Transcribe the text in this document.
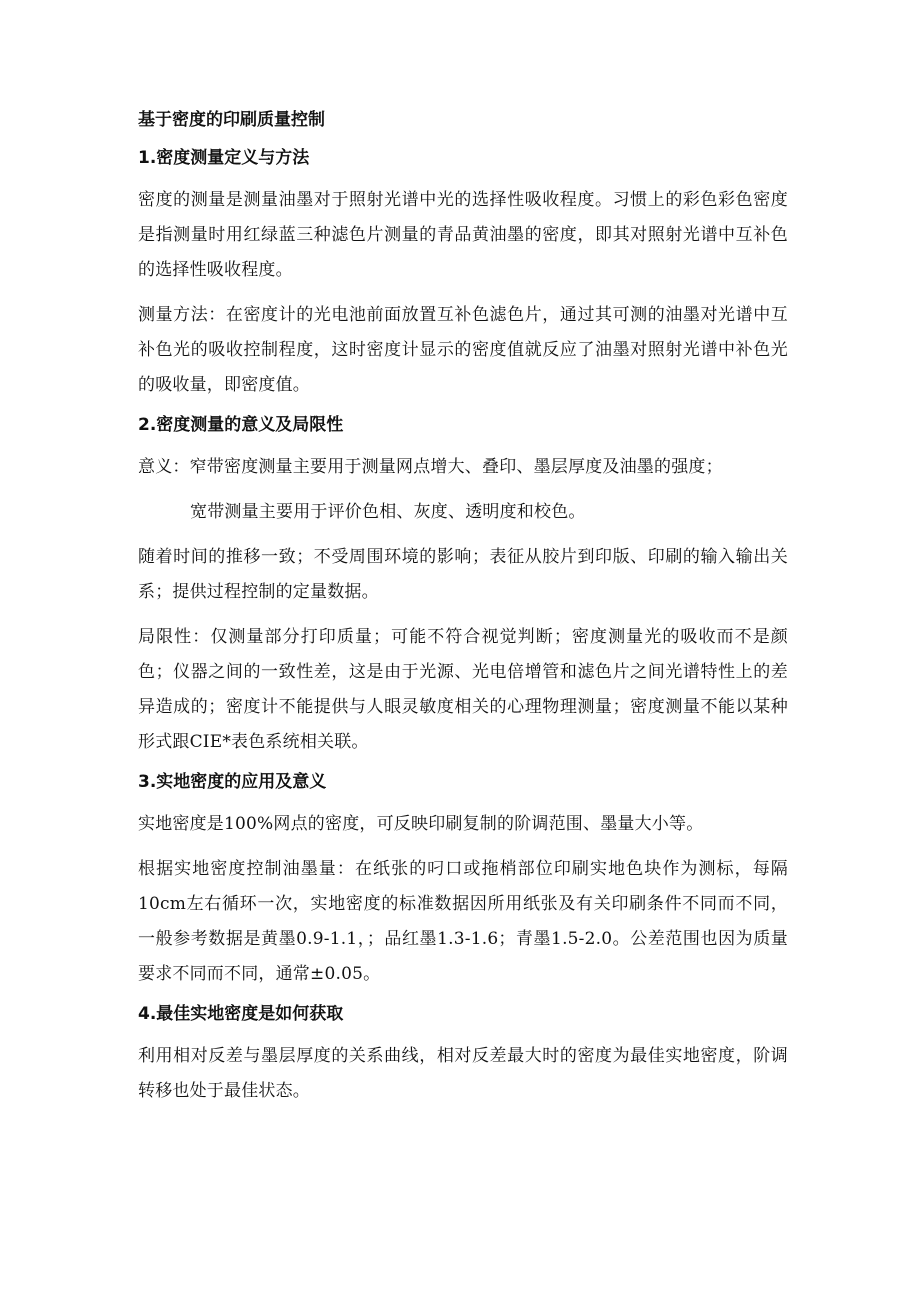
基于密度的印刷质量控制
1.密度测量定义与方法

密度的测量是测量油墨对于照射光谱中光的选择性吸收程度。习惯上的彩色彩色密度是指测量时用红绿蓝三种滤色片测量的青品黄油墨的密度，即其对照射光谱中互补色的选择性吸收程度。

测量方法：在密度计的光电池前面放置互补色滤色片，通过其可测的油墨对光谱中互补色光的吸收控制程度，这时密度计显示的密度值就反应了油墨对照射光谱中补色光的吸收量，即密度值。

2.密度测量的意义及局限性

意义：窄带密度测量主要用于测量网点增大、叠印、墨层厚度及油墨的强度；

宽带测量主要用于评价色相、灰度、透明度和校色。

随着时间的推移一致；不受周围环境的影响；表征从胶片到印版、印刷的输入输出关系；提供过程控制的定量数据。

局限性：仅测量部分打印质量；可能不符合视觉判断；密度测量光的吸收而不是颜色；仪器之间的一致性差，这是由于光源、光电倍增管和滤色片之间光谱特性上的差异造成的；密度计不能提供与人眼灵敏度相关的心理物理测量；密度测量不能以某种形式跟CIE*表色系统相关联。

3.实地密度的应用及意义

实地密度是100%网点的密度，可反映印刷复制的阶调范围、墨量大小等。

根据实地密度控制油墨量：在纸张的叼口或拖梢部位印刷实地色块作为测标，每隔10cm左右循环一次，实地密度的标准数据因所用纸张及有关印刷条件不同而不同，一般参考数据是黄墨0.9-1.1，；品红墨1.3-1.6；青墨1.5-2.0。公差范围也因为质量要求不同而不同，通常±0.05。

4.最佳实地密度是如何获取

利用相对反差与墨层厚度的关系曲线，相对反差最大时的密度为最佳实地密度，阶调转移也处于最佳状态。
